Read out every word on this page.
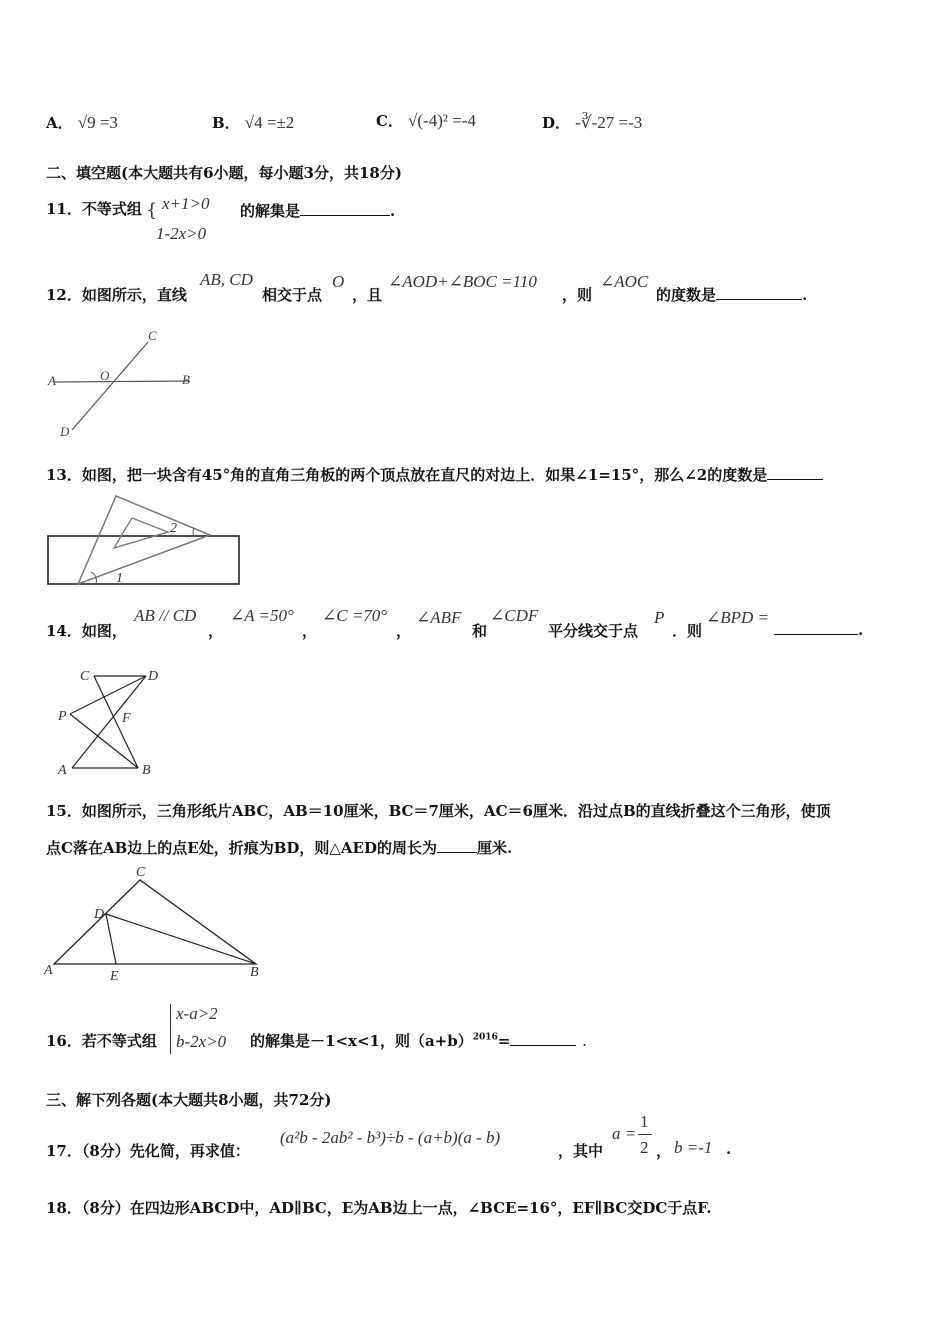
A． √9 =3	B． √4 =±2	C． √(-4)² =-4	D． -∛-27 =-3
二、填空题(本大题共有6小题，每小题3分，共18分)
11．不等式组 { x+1>0
1-2x>0
的解集是	.
12．如图所示，直线
AB, CD
相交于点
O
，且
∠AOD+∠BOC =110
，则
∠AOC
的度数是	.
A	O	B
C
D
13．如图，把一块含有45°角的直角三角板的两个顶点放在直尺的对边上．如果∠1=15°，那么∠2的度数是
1
2
14．如图，
AB // CD
，
∠A =50°
，
∠C =70°
，
∠ABF
和
∠CDF
平分线交于点
P
．则
∠BPD =
.
C	D
P	F
A	B
15．如图所示，三角形纸片ABC，AB＝10厘米，BC＝7厘米，AC＝6厘米．沿过点B的直线折叠这个三角形，使顶
点C落在AB边上的点E处，折痕为BD，则△AED的周长为	厘米.
C
D
A	E	B
16．若不等式组
x-a>2
b-2x>0 的解集是－1<x<1，则$(a+b)^{2016}=$	.
三、解下列各题(本大题共8小题，共72分)
17．（8分）先化简，再求值：
(a²b - 2ab² - b³)÷b - (a+b)(a - b)
，其中
a =
1
2 ， b =-1 .
18．（8分）在四边形ABCD中，AD∥BC，E为AB边上一点，∠BCE=16°，EF∥BC交DC于点F.
